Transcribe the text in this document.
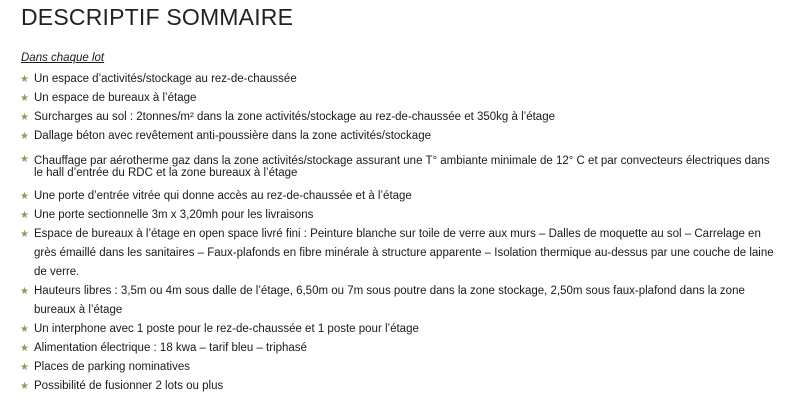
DESCRIPTIF SOMMAIRE

Dans chaque lot

★ Un espace d’activités/stockage au rez-de-chaussée
★ Un espace de bureaux à l’étage
★ Surcharges au sol : 2tonnes/m² dans la zone activités/stockage au rez-de-chaussée et 350kg à l’étage
★ Dallage béton avec revêtement anti-poussière dans la zone activités/stockage
★ Chauffage par aérotherme gaz dans la zone activités/stockage assurant une T° ambiante minimale de 12° C et par convecteurs électriques dans le hall d’entrée du RDC et la zone bureaux à l’étage
★ Une porte d’entrée vitrée qui donne accès au rez-de-chaussée et à l’étage
★ Une porte sectionnelle 3m x 3,20mh pour les livraisons
★ Espace de bureaux à l’étage en open space livré fini : Peinture blanche sur toile de verre aux murs – Dalles de moquette au sol – Carrelage en grès émaillé dans les sanitaires – Faux-plafonds en fibre minérale à structure apparente – Isolation thermique au-dessus par une couche de laine de verre.
★ Hauteurs libres : 3,5m ou 4m sous dalle de l’étage, 6,50m ou 7m sous poutre dans la zone stockage, 2,50m sous faux-plafond dans la zone bureaux à l’étage
★ Un interphone avec 1 poste pour le rez-de-chaussée et 1 poste pour l’étage
★ Alimentation électrique : 18 kwa – tarif bleu – triphasé
★ Places de parking nominatives
★ Possibilité de fusionner 2 lots ou plus
